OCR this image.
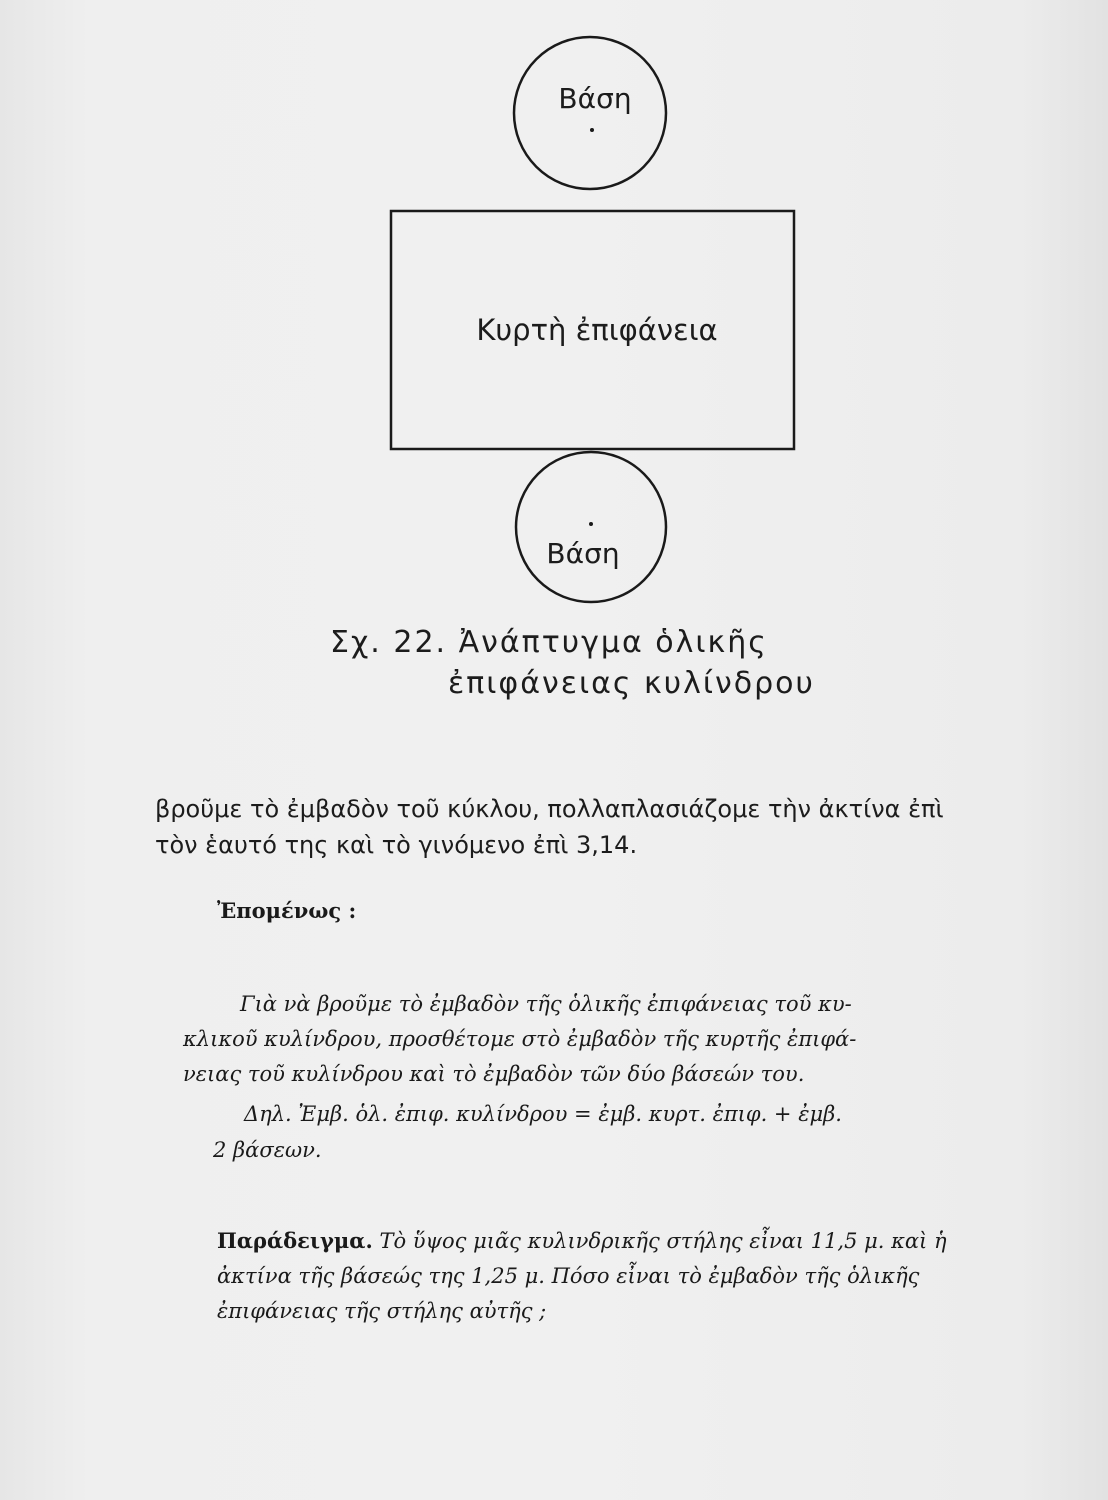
Βάση
Κυρτὴ ἐπιφάνεια
Βάση
Σχ. 22. Ἀνάπτυγμα ὁλικῆς
ἐπιφάνειας κυλίνδρου
βροῦμε τὸ ἐμβαδὸν τοῦ κύκλου, πολλαπλασιάζομε τὴν ἀκτίνα ἐπὶ
τὸν ἑαυτό της καὶ τὸ γινόμενο ἐπὶ 3,14.
Ἐπομένως :
Γιὰ νὰ βροῦμε τὸ ἐμβαδὸν τῆς ὁλικῆς ἐπιφάνειας τοῦ κυ-
κλικοῦ κυλίνδρου, προσθέτομε στὸ ἐμβαδὸν τῆς κυρτῆς ἐπιφά-
νειας τοῦ κυλίνδρου καὶ τὸ ἐμβαδὸν τῶν δύο βάσεών του.
Δηλ. Ἐμβ. ὁλ. ἐπιφ. κυλίνδρου = ἐμβ. κυρτ. ἐπιφ. + ἐμβ.
2 βάσεων.
Παράδειγμα. Τὸ ὕψος μιᾶς κυλινδρικῆς στήλης εἶναι 11,5 μ. καὶ ἡ ἀκτίνα τῆς βάσεώς της 1,25 μ. Πόσο εἶναι τὸ ἐμβαδὸν τῆς ὁλικῆς ἐπιφάνειας τῆς στήλης αὐτῆς ;
